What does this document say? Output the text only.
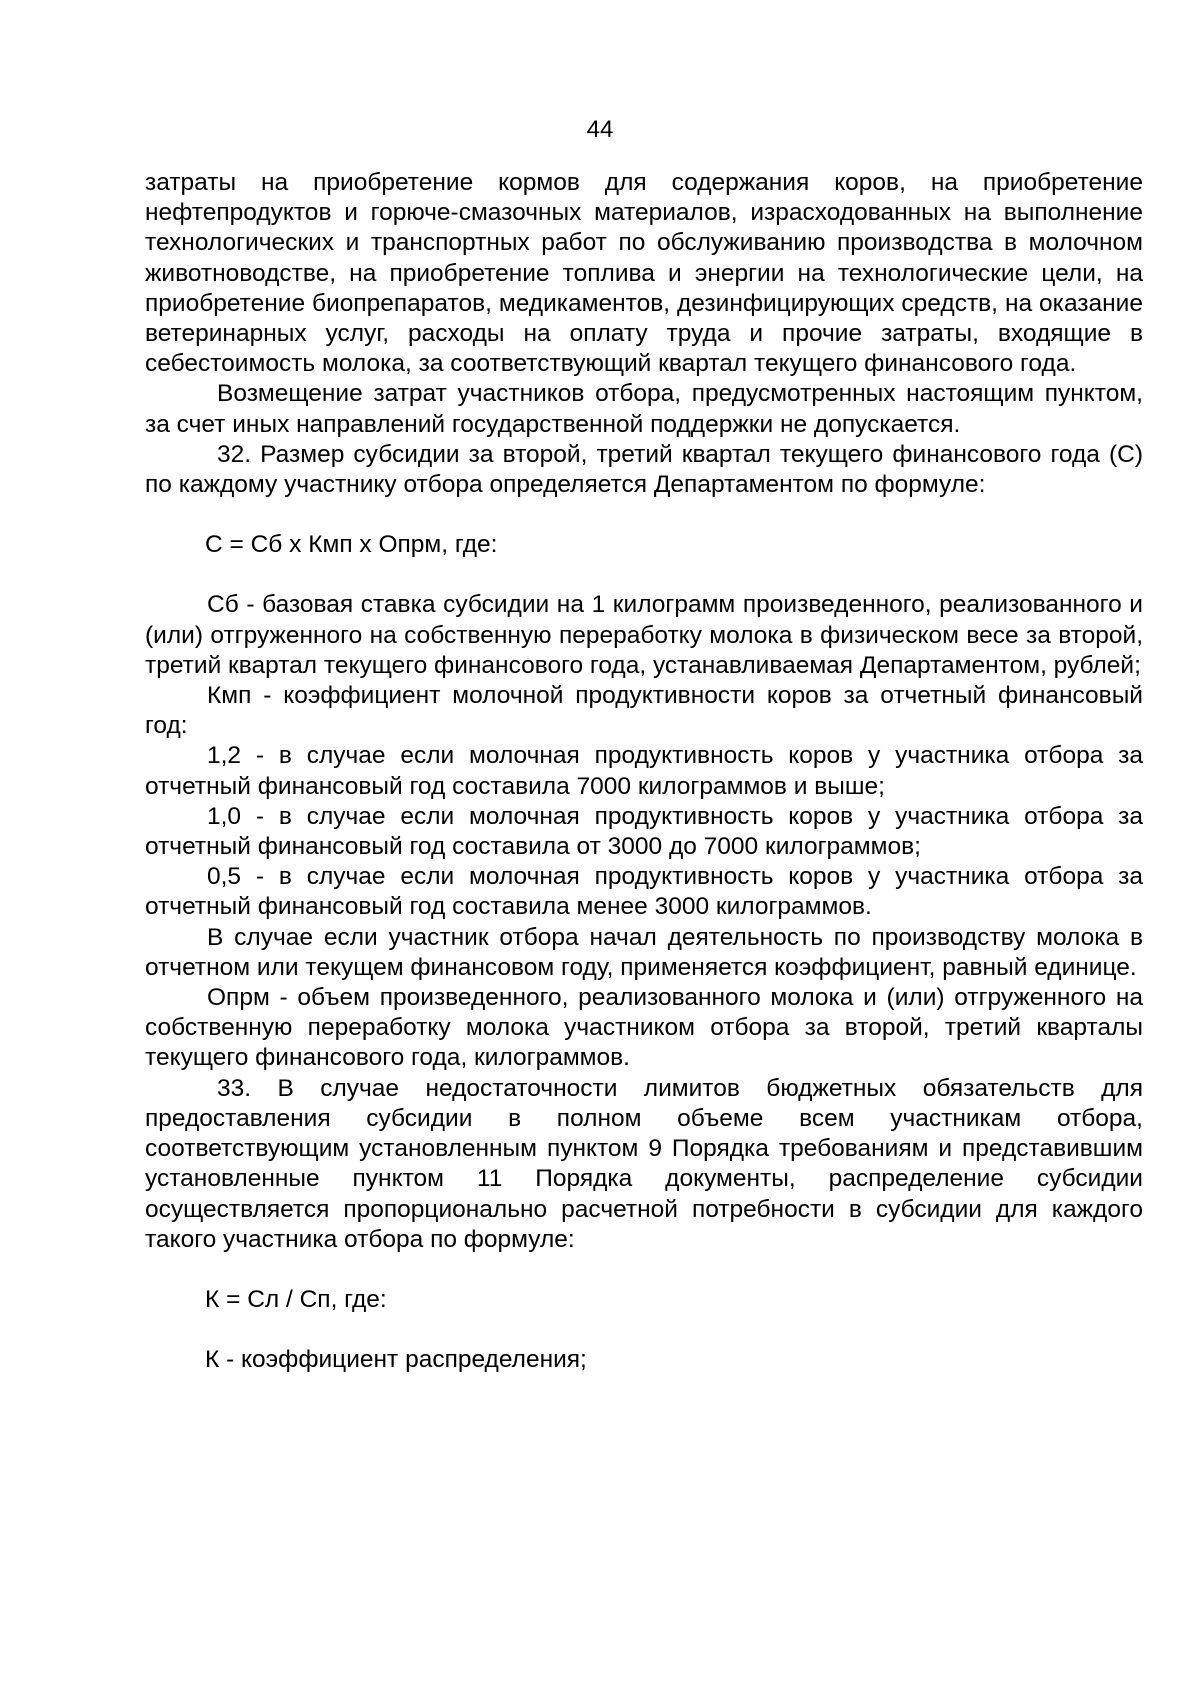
44

затраты на приобретение кормов для содержания коров, на приобретение нефтепродуктов и горюче-смазочных материалов, израсходованных на выполнение технологических и транспортных работ по обслуживанию производства в молочном животноводстве, на приобретение топлива и энергии на технологические цели, на приобретение биопрепаратов, медикаментов, дезинфицирующих средств, на оказание ветеринарных услуг, расходы на оплату труда и прочие затраты, входящие в себестоимость молока, за соответствующий квартал текущего финансового года.

Возмещение затрат участников отбора, предусмотренных настоящим пунктом, за счет иных направлений государственной поддержки не допускается.

32. Размер субсидии за второй, третий квартал текущего финансового года (С) по каждому участнику отбора определяется Департаментом по формуле:

С = Сб х Кмп х Опрм, где:

Сб - базовая ставка субсидии на 1 килограмм произведенного, реализованного и (или) отгруженного на собственную переработку молока в физическом весе за второй, третий квартал текущего финансового года, устанавливаемая Департаментом, рублей;

Кмп - коэффициент молочной продуктивности коров за отчетный финансовый год:

1,2 - в случае если молочная продуктивность коров у участника отбора за отчетный финансовый год составила 7000 килограммов и выше;

1,0 - в случае если молочная продуктивность коров у участника отбора за отчетный финансовый год составила от 3000 до 7000 килограммов;

0,5 - в случае если молочная продуктивность коров у участника отбора за отчетный финансовый год составила менее 3000 килограммов.

В случае если участник отбора начал деятельность по производству молока в отчетном или текущем финансовом году, применяется коэффициент, равный единице.

Опрм - объем произведенного, реализованного молока и (или) отгруженного на собственную переработку молока участником отбора за второй, третий кварталы текущего финансового года, килограммов.

33. В случае недостаточности лимитов бюджетных обязательств для предоставления субсидии в полном объеме всем участникам отбора, соответствующим установленным пунктом 9 Порядка требованиям и представившим установленные пунктом 11 Порядка документы, распределение субсидии осуществляется пропорционально расчетной потребности в субсидии для каждого такого участника отбора по формуле:

К = Сл / Сп, где:

К - коэффициент распределения;
